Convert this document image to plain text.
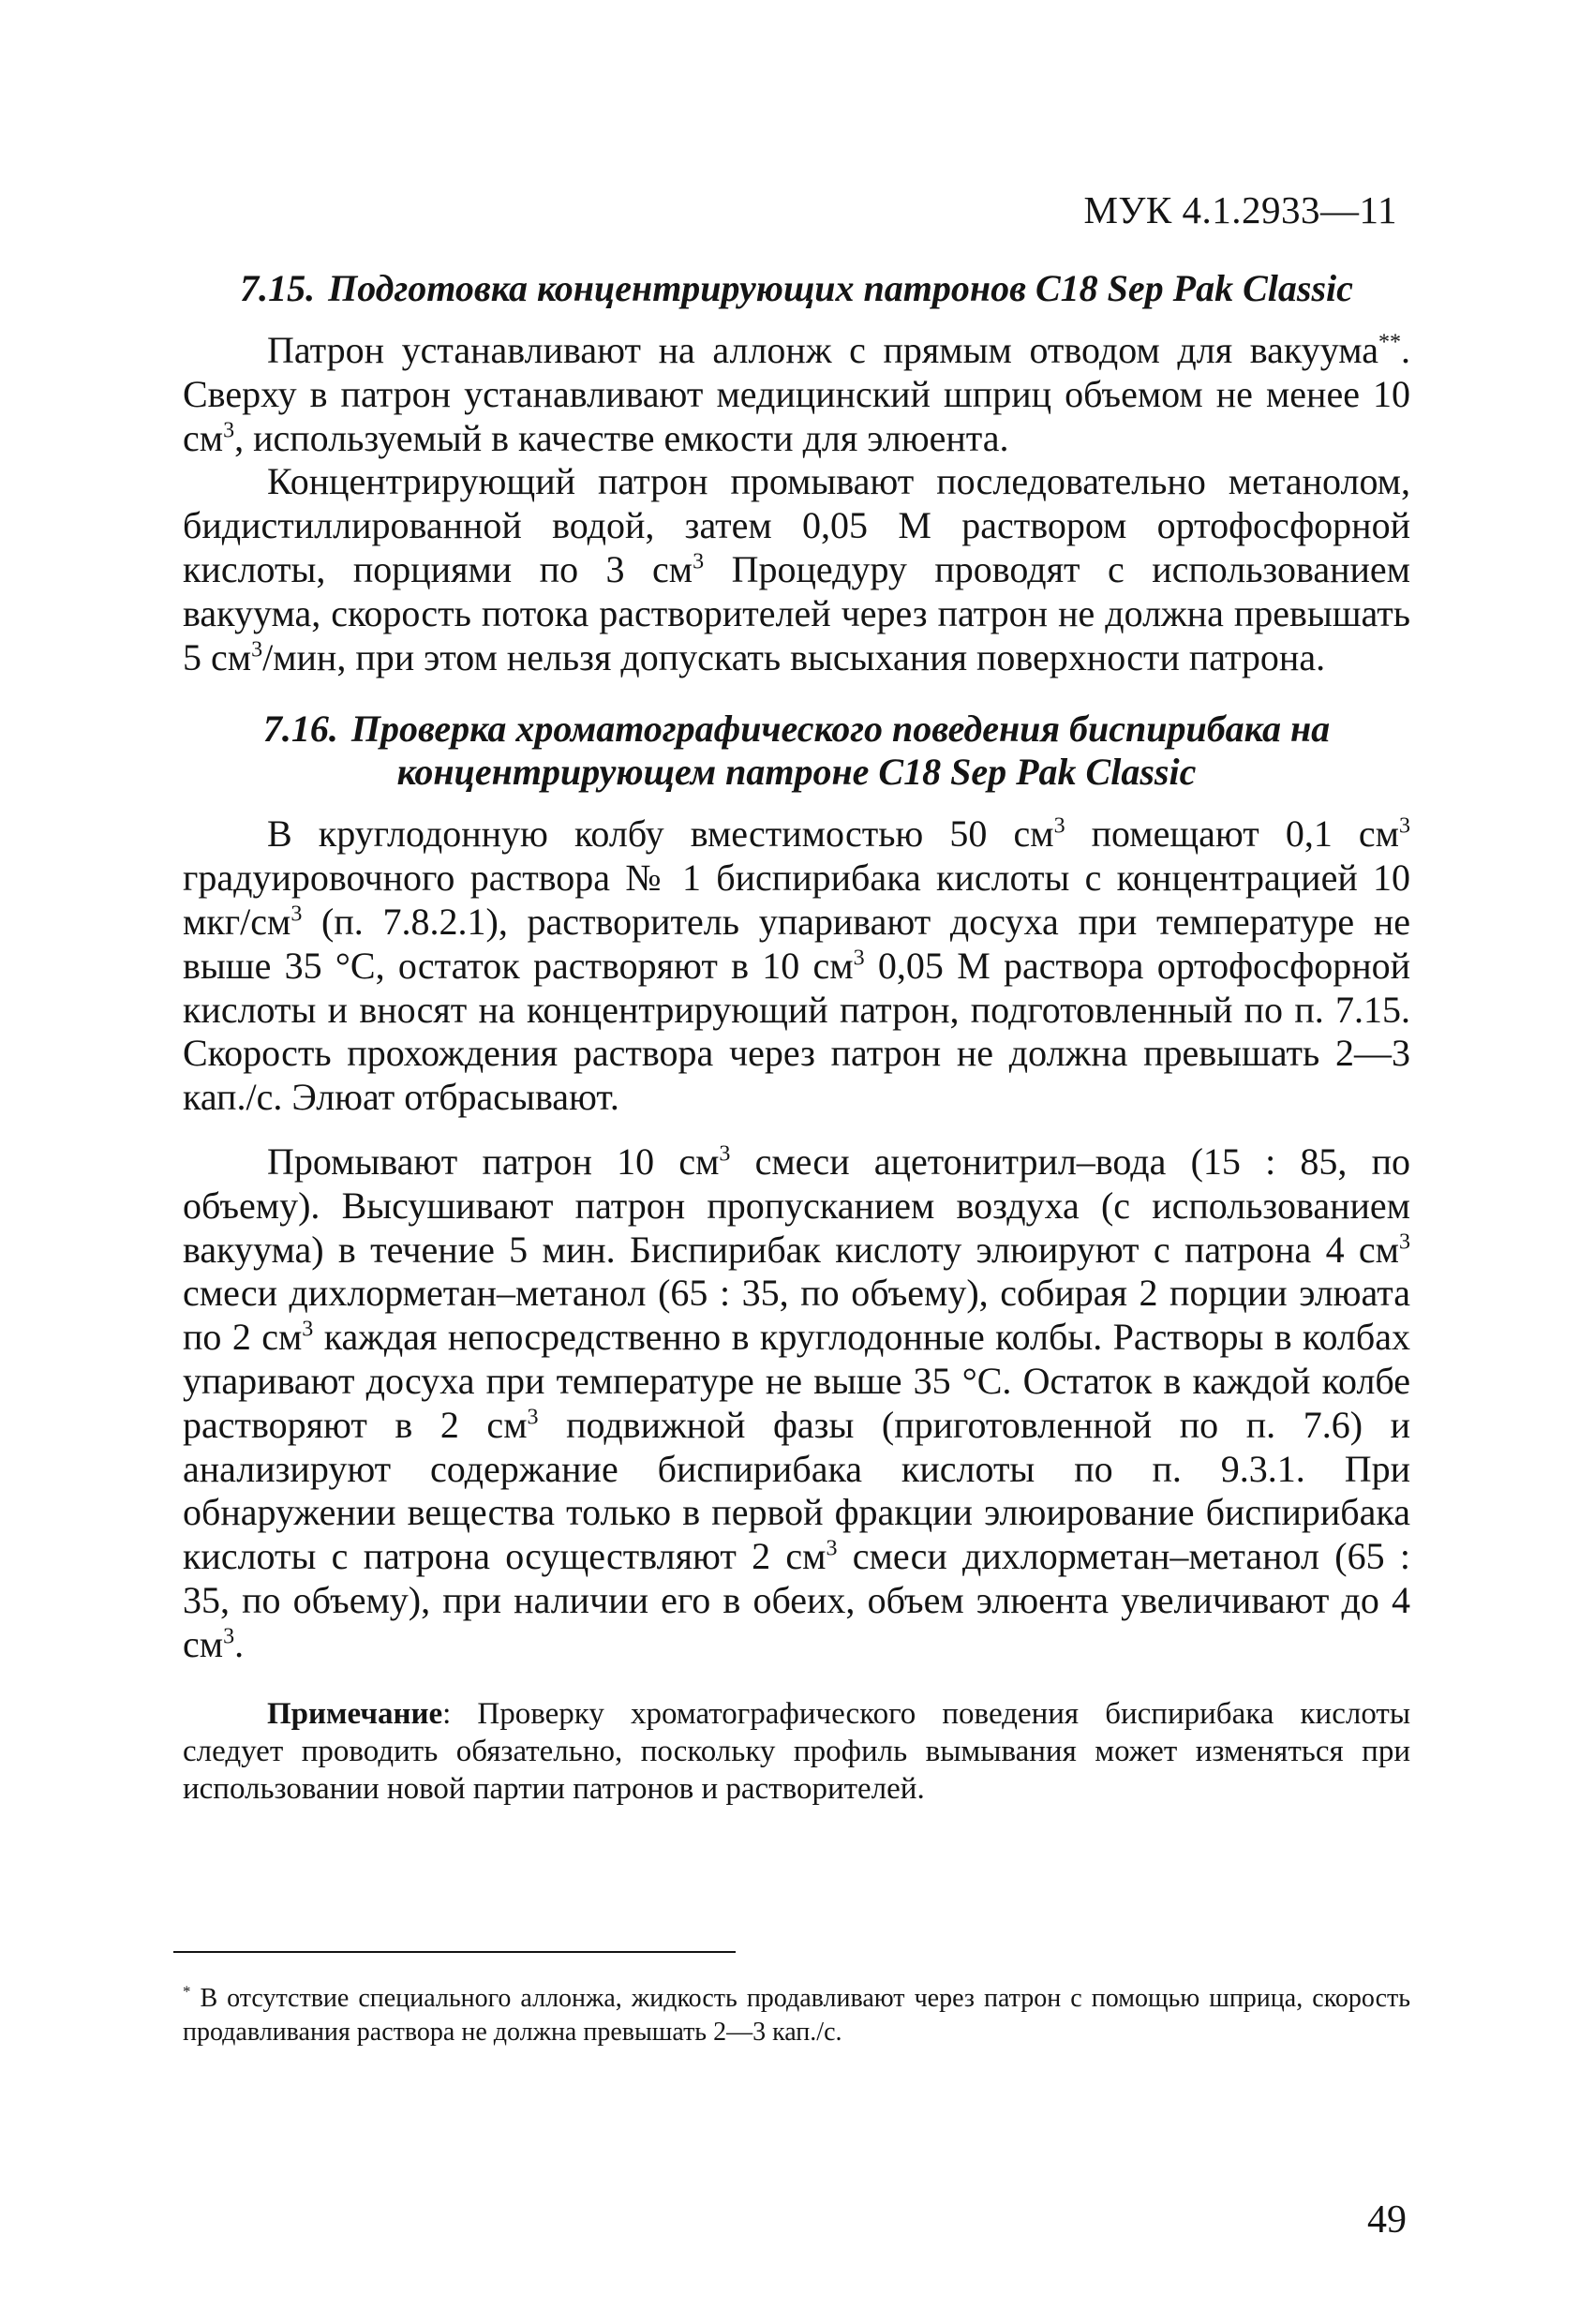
МУК 4.1.2933—11
7.15. Подготовка концентрирующих патронов C18 Sep Pak Classic

Патрон устанавливают на аллонж с прямым отводом для вакуума**. Сверху в патрон устанавливают медицинский шприц объемом не менее 10 $см^3$, используемый в качестве емкости для элюента.

Концентрирующий патрон промывают последовательно метанолом, бидистиллированной водой, затем 0,05 М раствором ортофосфорной кислоты, порциями по 3 $см^3$ Процедуру проводят с использованием вакуума, скорость потока растворителей через патрон не должна превышать 5 $см^3$/мин, при этом нельзя допускать высыхания поверхности патрона.

7.16. Проверка хроматографического поведения биспирибака на
концентрирующем патроне C18 Sep Pak Classic

В круглодонную колбу вместимостью 50 $см^3$ помещают 0,1 $см^3$ градуировочного раствора № 1 биспирибака кислоты с концентрацией 10 мкг/$см^3$ (п. 7.8.2.1), растворитель упаривают досуха при температуре не выше 35 °С, остаток растворяют в 10 $см^3$ 0,05 М раствора ортофосфорной кислоты и вносят на концентрирующий патрон, подготовленный по п. 7.15. Скорость прохождения раствора через патрон не должна превышать 2—3 кап./с. Элюат отбрасывают.

Промывают патрон 10 $см^3$ смеси ацетонитрил–вода (15 : 85, по объему). Высушивают патрон пропусканием воздуха (с использованием вакуума) в течение 5 мин. Биспирибак кислоту элюируют с патрона 4 $см^3$ смеси дихлорметан–метанол (65 : 35, по объему), собирая 2 порции элюата по 2 $см^3$ каждая непосредственно в круглодонные колбы. Растворы в колбах упаривают досуха при температуре не выше 35 °С. Остаток в каждой колбе растворяют в 2 $см^3$ подвижной фазы (приготовленной по п. 7.6) и анализируют содержание биспирибака кислоты по п. 9.3.1. При обнаружении вещества только в первой фракции элюирование биспирибака кислоты с патрона осуществляют 2 $см^3$ смеси дихлорметан–метанол (65 : 35, по объему), при наличии его в обеих, объем элюента увеличивают до 4 $см^3$.

Примечание: Проверку хроматографического поведения биспирибака кислоты следует проводить обязательно, поскольку профиль вымывания может изменяться при использовании новой партии патронов и растворителей.

* В отсутствие специального аллонжа, жидкость продавливают через патрон с помощью шприца, скорость продавливания раствора не должна превышать 2—3 кап./с.
49
